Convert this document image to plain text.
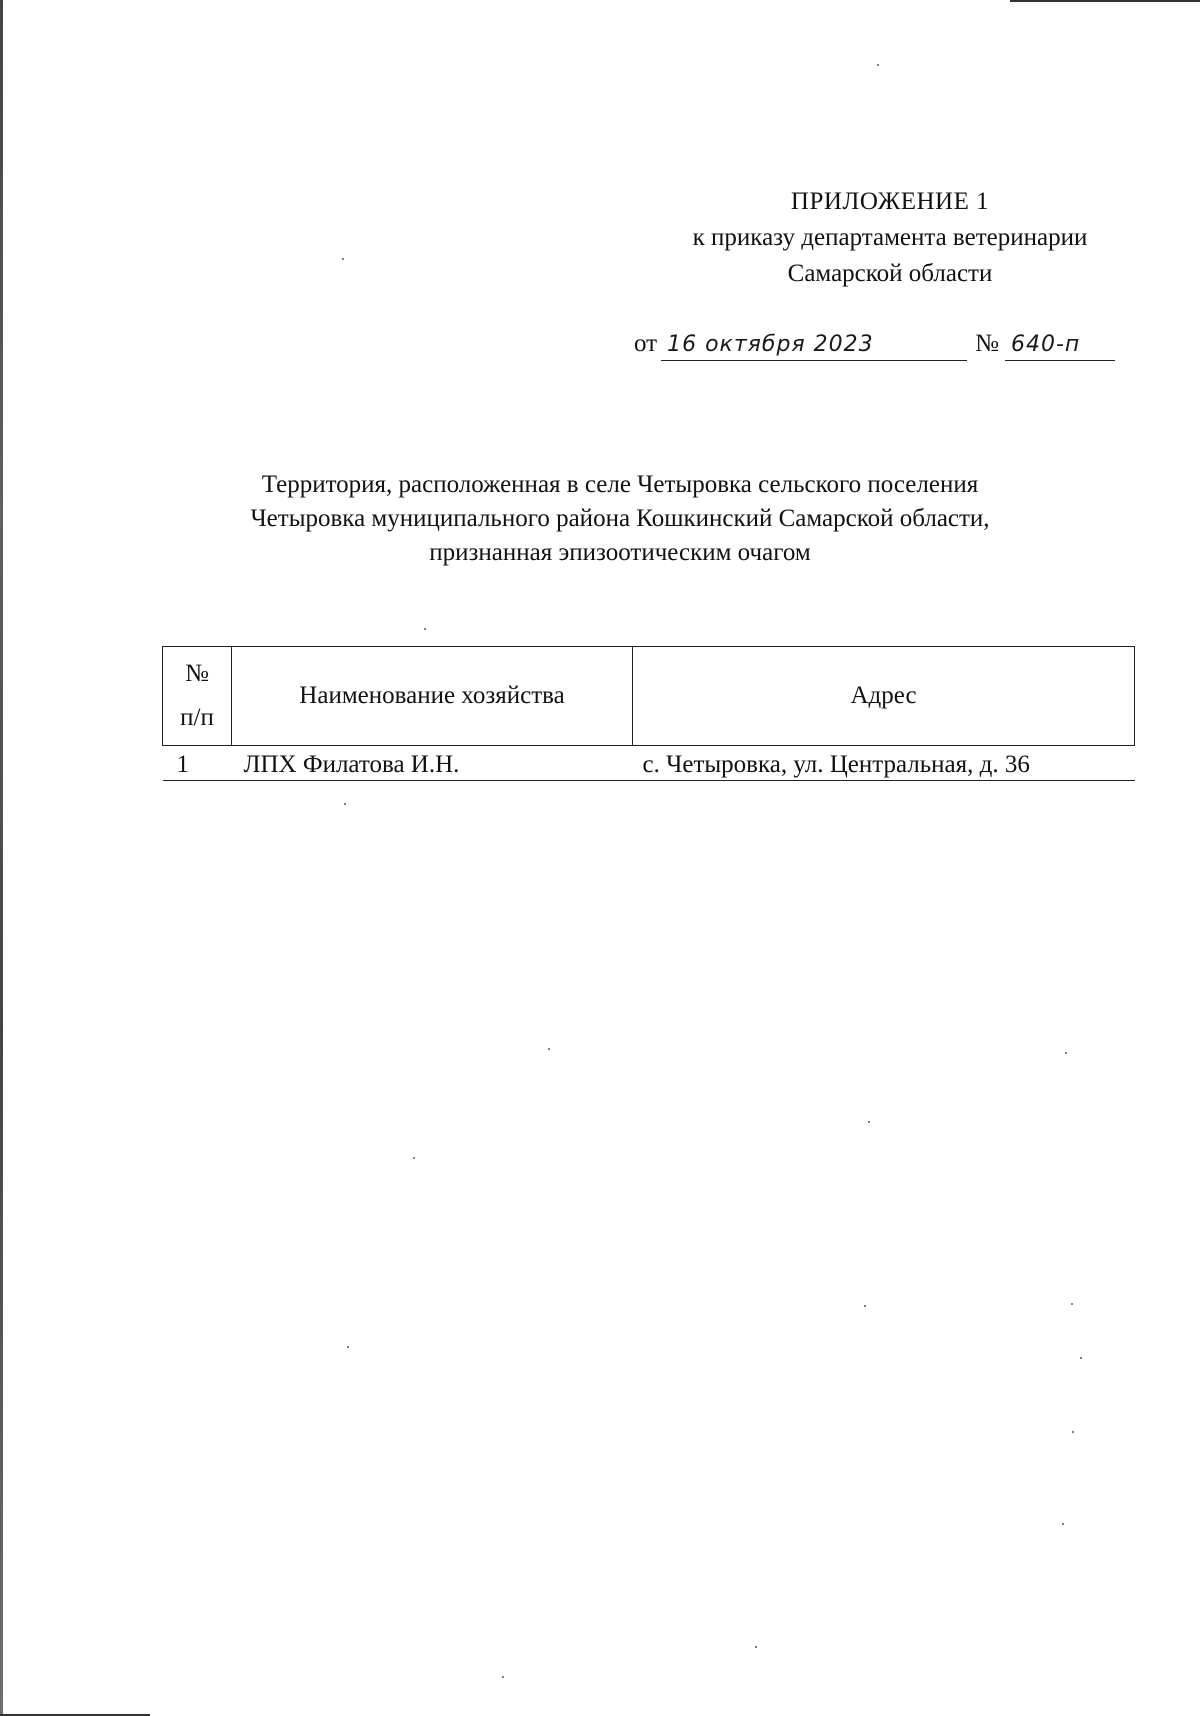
ПРИЛОЖЕНИЕ 1
к приказу департамента ветеринарии
Самарской области
от 16 октября 2023	№ 640-п
Территория, расположенная в селе Четыровка сельского поселения
Четыровка муниципального района Кошкинский Самарской области,
признанная эпизоотическим очагом
№
п/п	Наименование хозяйства	Адрес
1	ЛПХ Филатова И.Н.	с. Четыровка, ул. Центральная, д. 36
